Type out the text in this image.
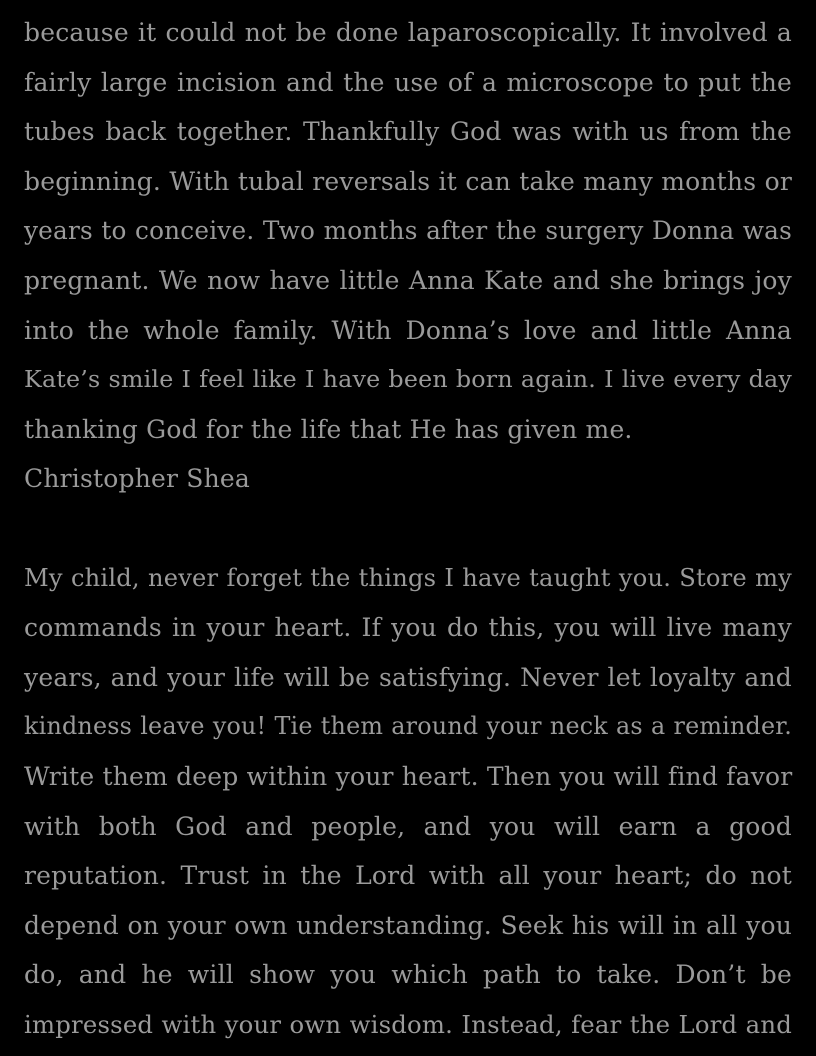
because it could not be done laparoscopically. It involved a
fairly large incision and the use of a microscope to put the
tubes back together. Thankfully God was with us from the
beginning. With tubal reversals it can take many months or
years to conceive. Two months after the surgery Donna was
pregnant. We now have little Anna Kate and she brings joy
into the whole family. With Donna’s love and little Anna
Kate’s smile I feel like I have been born again. I live every day
thanking God for the life that He has given me.
Christopher Shea
My child, never forget the things I have taught you. Store my
commands in your heart. If you do this, you will live many
years, and your life will be satisfying. Never let loyalty and
kindness leave you! Tie them around your neck as a reminder.
Write them deep within your heart. Then you will find favor
with both God and people, and you will earn a good
reputation. Trust in the Lord with all your heart; do not
depend on your own understanding. Seek his will in all you
do, and he will show you which path to take. Don’t be
impressed with your own wisdom. Instead, fear the Lord and
